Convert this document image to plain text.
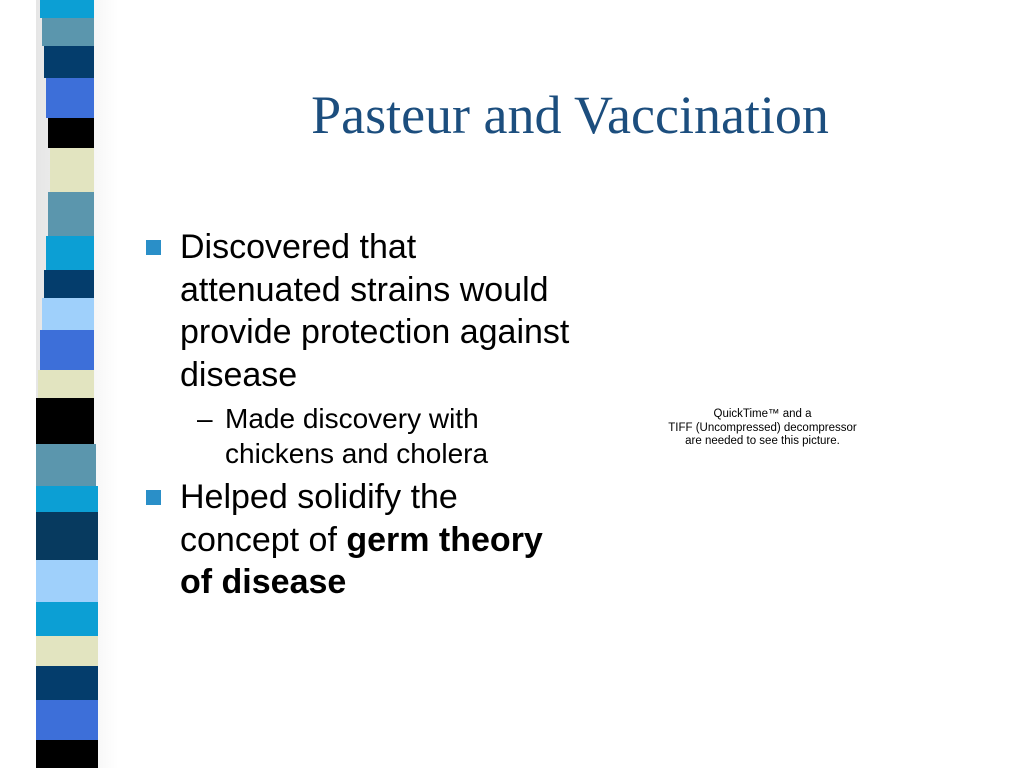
Pasteur and Vaccination

Discovered that attenuated strains would provide protection against disease

– Made discovery with chickens and cholera

Helped solidify the concept of germ theory of disease

QuickTime™ and a
TIFF (Uncompressed) decompressor
are needed to see this picture.
